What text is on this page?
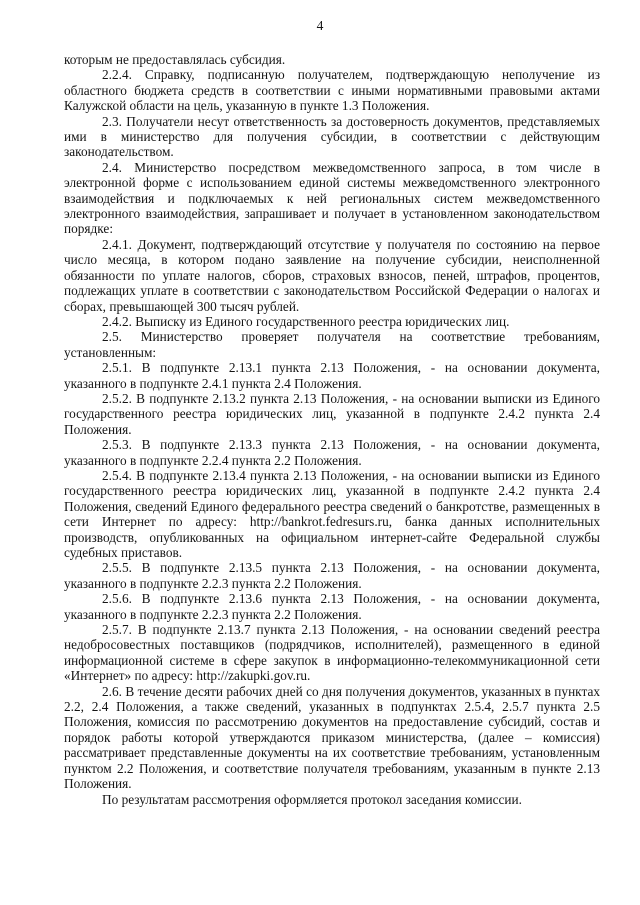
4

которым не предоставлялась субсидия.

2.2.4. Справку, подписанную получателем, подтверждающую неполучение из областного бюджета средств в соответствии с иными нормативными правовыми актами Калужской области на цель, указанную в пункте 1.3 Положения.

2.3. Получатели несут ответственность за достоверность документов, представляемых ими в министерство для получения субсидии, в соответствии с действующим законодательством.

2.4. Министерство посредством межведомственного запроса, в том числе в электронной форме с использованием единой системы межведомственного электронного взаимодействия и подключаемых к ней региональных систем межведомственного электронного взаимодействия, запрашивает и получает в установленном законодательством порядке:

2.4.1. Документ, подтверждающий отсутствие у получателя по состоянию на первое число месяца, в котором подано заявление на получение субсидии, неисполненной обязанности по уплате налогов, сборов, страховых взносов, пеней, штрафов, процентов, подлежащих уплате в соответствии с законодательством Российской Федерации о налогах и сборах, превышающей 300 тысяч рублей.

2.4.2. Выписку из Единого государственного реестра юридических лиц.

2.5. Министерство проверяет получателя на соответствие требованиям, установленным:

2.5.1. В подпункте 2.13.1 пункта 2.13 Положения, - на основании документа, указанного в подпункте 2.4.1 пункта 2.4 Положения.

2.5.2. В подпункте 2.13.2 пункта 2.13 Положения, - на основании выписки из Единого государственного реестра юридических лиц, указанной в подпункте 2.4.2 пункта 2.4 Положения.

2.5.3. В подпункте 2.13.3 пункта 2.13 Положения, - на основании документа, указанного в подпункте 2.2.4 пункта 2.2 Положения.

2.5.4. В подпункте 2.13.4 пункта 2.13 Положения, - на основании выписки из Единого государственного реестра юридических лиц, указанной в подпункте 2.4.2 пункта 2.4 Положения, сведений Единого федерального реестра сведений о банкротстве, размещенных в сети Интернет по адресу: http://bankrot.fedresurs.ru, банка данных исполнительных производств, опубликованных на официальном интернет-сайте Федеральной службы судебных приставов.

2.5.5. В подпункте 2.13.5 пункта 2.13 Положения, - на основании документа, указанного в подпункте 2.2.3 пункта 2.2 Положения.

2.5.6. В подпункте 2.13.6 пункта 2.13 Положения, - на основании документа, указанного в подпункте 2.2.3 пункта 2.2 Положения.

2.5.7. В подпункте 2.13.7 пункта 2.13 Положения, - на основании сведений реестра недобросовестных поставщиков (подрядчиков, исполнителей), размещенного в единой информационной системе в сфере закупок в информационно-телекоммуникационной сети «Интернет» по адресу: http://zakupki.gov.ru.

2.6. В течение десяти рабочих дней со дня получения документов, указанных в пунктах 2.2, 2.4 Положения, а также сведений, указанных в подпунктах 2.5.4, 2.5.7 пункта 2.5 Положения, комиссия по рассмотрению документов на предоставление субсидий, состав и порядок работы которой утверждаются приказом министерства, (далее – комиссия) рассматривает представленные документы на их соответствие требованиям, установленным пунктом 2.2 Положения, и соответствие получателя требованиям, указанным в пункте 2.13 Положения.

По результатам рассмотрения оформляется протокол заседания комиссии.
